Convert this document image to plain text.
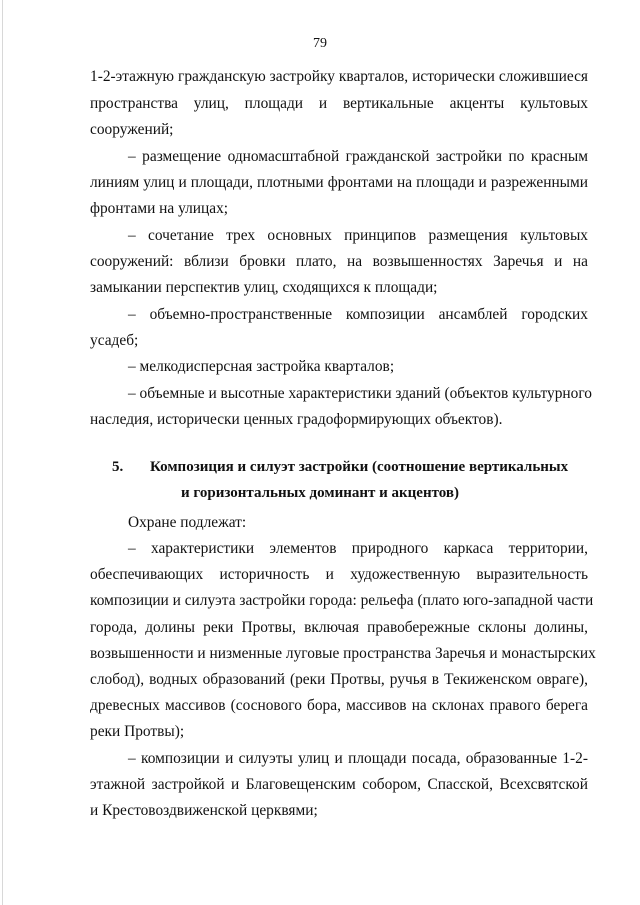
79
1-2-этажную гражданскую застройку кварталов, исторически сложившиеся
пространства улиц, площади и вертикальные акценты культовых
сооружений;
– размещение одномасштабной гражданской застройки по красным
линиям улиц и площади, плотными фронтами на площади и разреженными
фронтами на улицах;
– сочетание трех основных принципов размещения культовых
сооружений: вблизи бровки плато, на возвышенностях Заречья и на
замыкании перспектив улиц, сходящихся к площади;
– объемно-пространственные композиции ансамблей городских
усадеб;
– мелкодисперсная застройка кварталов;
– объемные и высотные характеристики зданий (объектов культурного
наследия, исторически ценных градоформирующих объектов).
5. Композиция и силуэт застройки (соотношение вертикальных
и горизонтальных доминант и акцентов)
Охране подлежат:
– характеристики элементов природного каркаса территории,
обеспечивающих историчность и художественную выразительность
композиции и силуэта застройки города: рельефа (плато юго-западной части
города, долины реки Протвы, включая правобережные склоны долины,
возвышенности и низменные луговые пространства Заречья и монастырских
слобод), водных образований (реки Протвы, ручья в Текиженском овраге),
древесных массивов (соснового бора, массивов на склонах правого берега
реки Протвы);
– композиции и силуэты улиц и площади посада, образованные 1-2-
этажной застройкой и Благовещенским собором, Спасской, Всехсвятской
и Крестовоздвиженской церквями;
